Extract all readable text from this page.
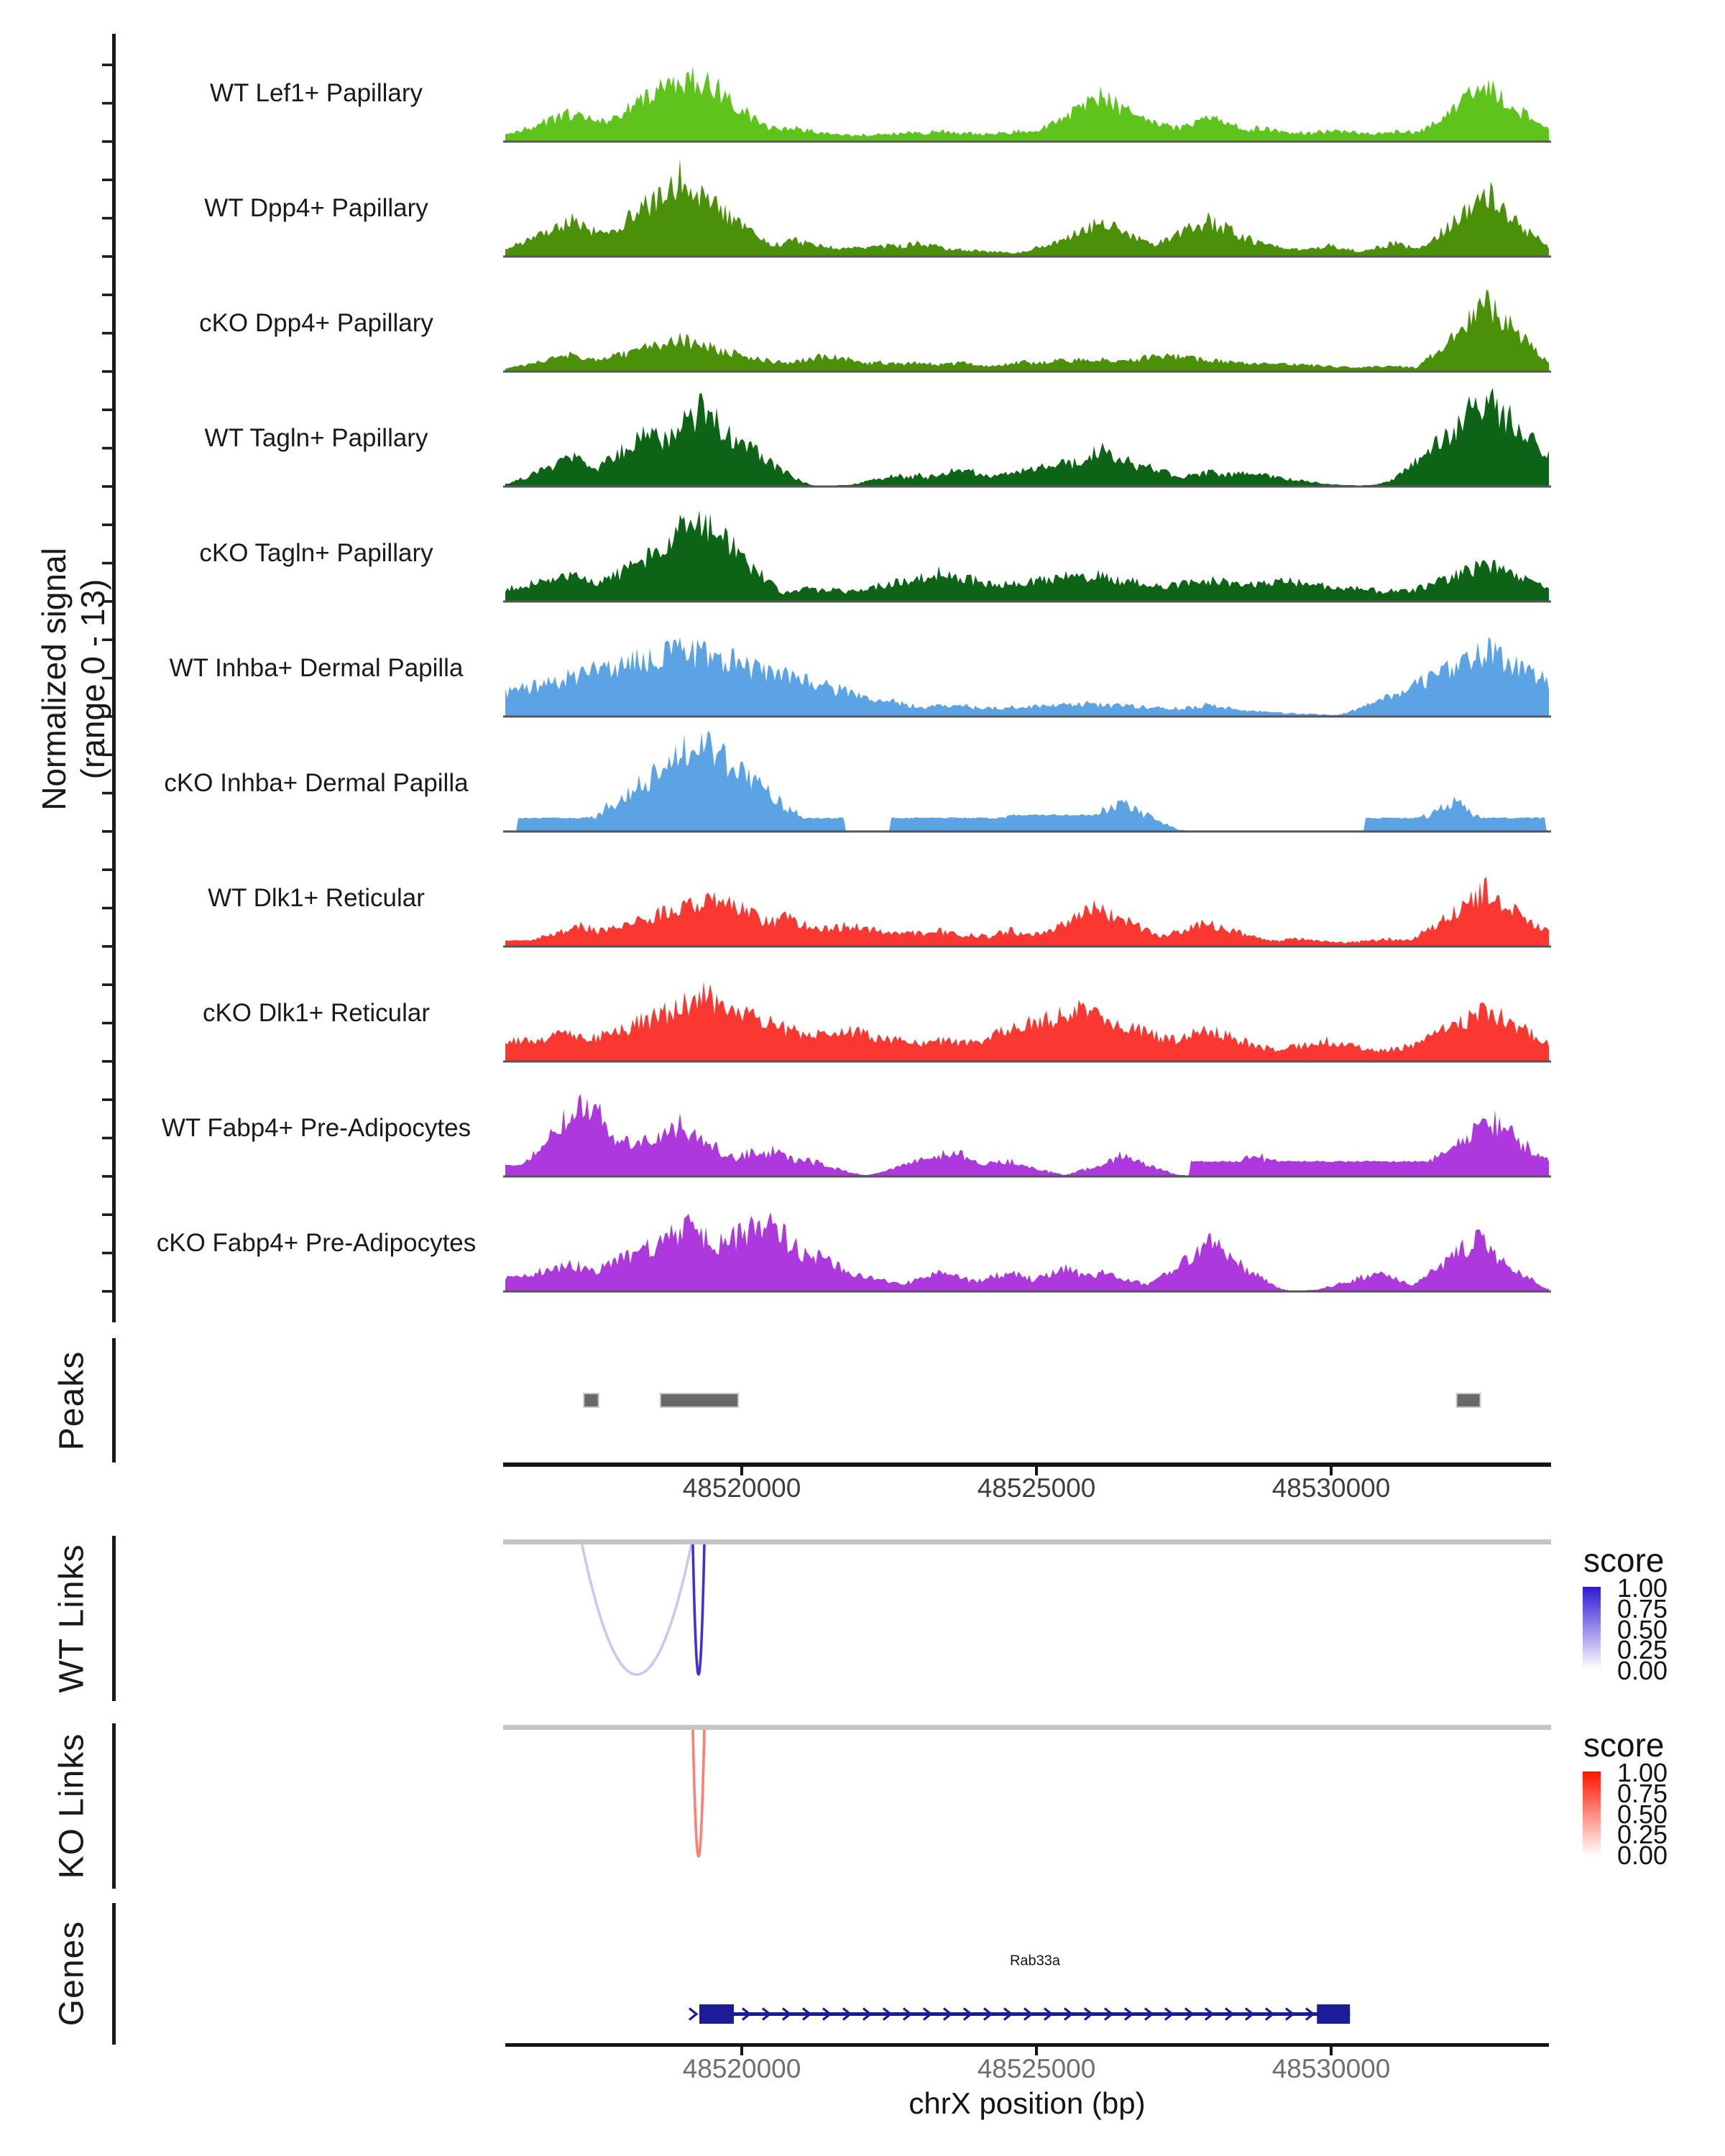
Normalized signal (range 0 - 13)
Peaks
WT Links
KO Links
Genes
WT Lef1+ Papillary
WT Dpp4+ Papillary
cKO Dpp4+ Papillary
WT Tagln+ Papillary
cKO Tagln+ Papillary
WT Inhba+ Dermal Papilla
cKO Inhba+ Dermal Papilla
WT Dlk1+ Reticular
cKO Dlk1+ Reticular
WT Fabp4+ Pre-Adipocytes
cKO Fabp4+ Pre-Adipocytes
48520000	48525000	48530000
48520000	48525000	48530000
score
1.00
0.75
0.50
0.25
0.00
score
1.00
0.75
0.50
0.25
0.00
Rab33a
chrX position (bp)
